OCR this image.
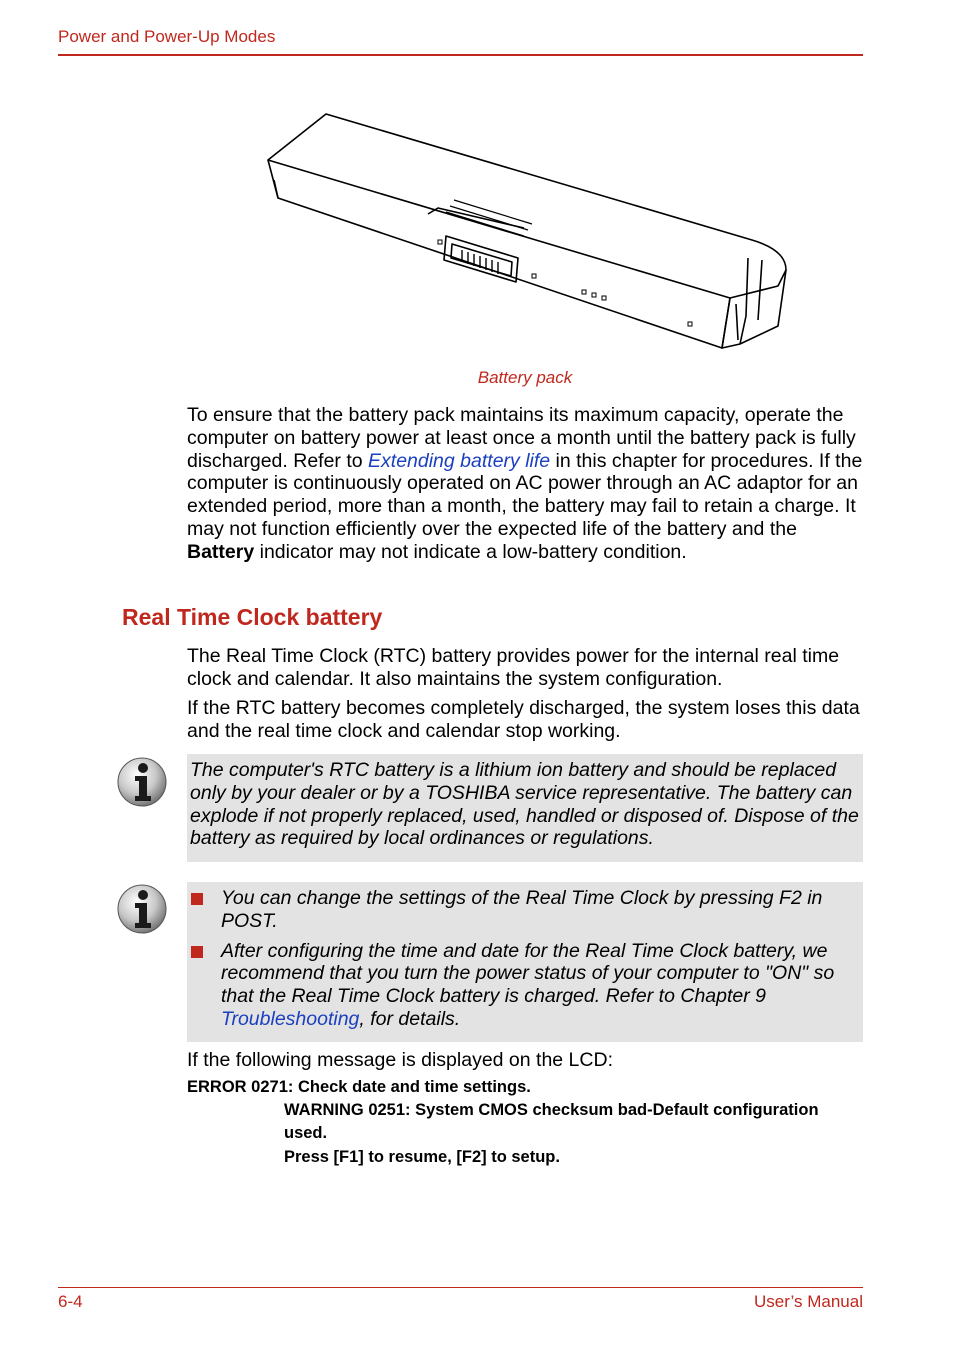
Power and Power-Up Modes
Battery pack
To ensure that the battery pack maintains its maximum capacity, operate the computer on battery power at least once a month until the battery pack is fully discharged. Refer to Extending battery life in this chapter for procedures. If the computer is continuously operated on AC power through an AC adaptor for an extended period, more than a month, the battery may fail to retain a charge. It may not function efficiently over the expected life of the battery and the Battery indicator may not indicate a low-battery condition.
Real Time Clock battery
The Real Time Clock (RTC) battery provides power for the internal real time clock and calendar. It also maintains the system configuration.
If the RTC battery becomes completely discharged, the system loses this data and the real time clock and calendar stop working.
The computer's RTC battery is a lithium ion battery and should be replaced only by your dealer or by a TOSHIBA service representative. The battery can explode if not properly replaced, used, handled or disposed of. Dispose of the battery as required by local ordinances or regulations.
You can change the settings of the Real Time Clock by pressing F2 in POST.
After configuring the time and date for the Real Time Clock battery, we recommend that you turn the power status of your computer to "ON" so that the Real Time Clock battery is charged. Refer to Chapter 9 Troubleshooting, for details.
If the following message is displayed on the LCD:
ERROR 0271: Check date and time settings.
WARNING 0251: System CMOS checksum bad-Default configuration used.
Press [F1] to resume, [F2] to setup.
6-4	User’s Manual
